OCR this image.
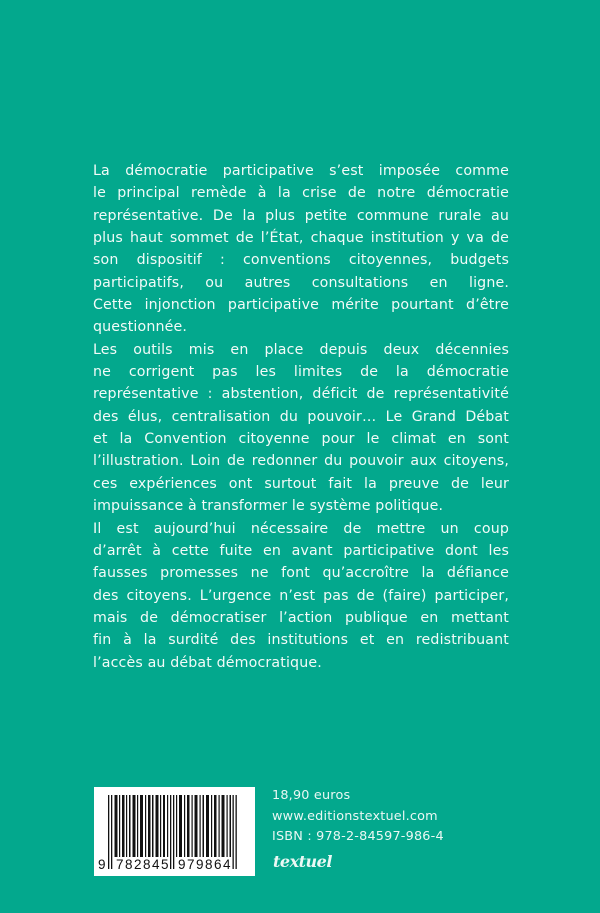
La démocratie participative s’est imposée comme
le principal remède à la crise de notre démocratie
représentative. De la plus petite commune rurale au
plus haut sommet de l’État, chaque institution y va de
son dispositif : conventions citoyennes, budgets
participatifs, ou autres consultations en ligne.
Cette injonction participative mérite pourtant d’être
questionnée.

Les outils mis en place depuis deux décennies
ne corrigent pas les limites de la démocratie
représentative : abstention, déficit de représentativité
des élus, centralisation du pouvoir… Le Grand Débat
et la Convention citoyenne pour le climat en sont
l’illustration. Loin de redonner du pouvoir aux citoyens,
ces expériences ont surtout fait la preuve de leur
impuissance à transformer le système politique.

Il est aujourd’hui nécessaire de mettre un coup
d’arrêt à cette fuite en avant participative dont les
fausses promesses ne font qu’accroître la défiance
des citoyens. L’urgence n’est pas de (faire) participer,
mais de démocratiser l’action publique en mettant
fin à la surdité des institutions et en redistribuant
l’accès au débat démocratique.

9 782845 979864
18,90 euros
www.editionstextuel.com
ISBN : 978-2-84597-986-4
textuel
